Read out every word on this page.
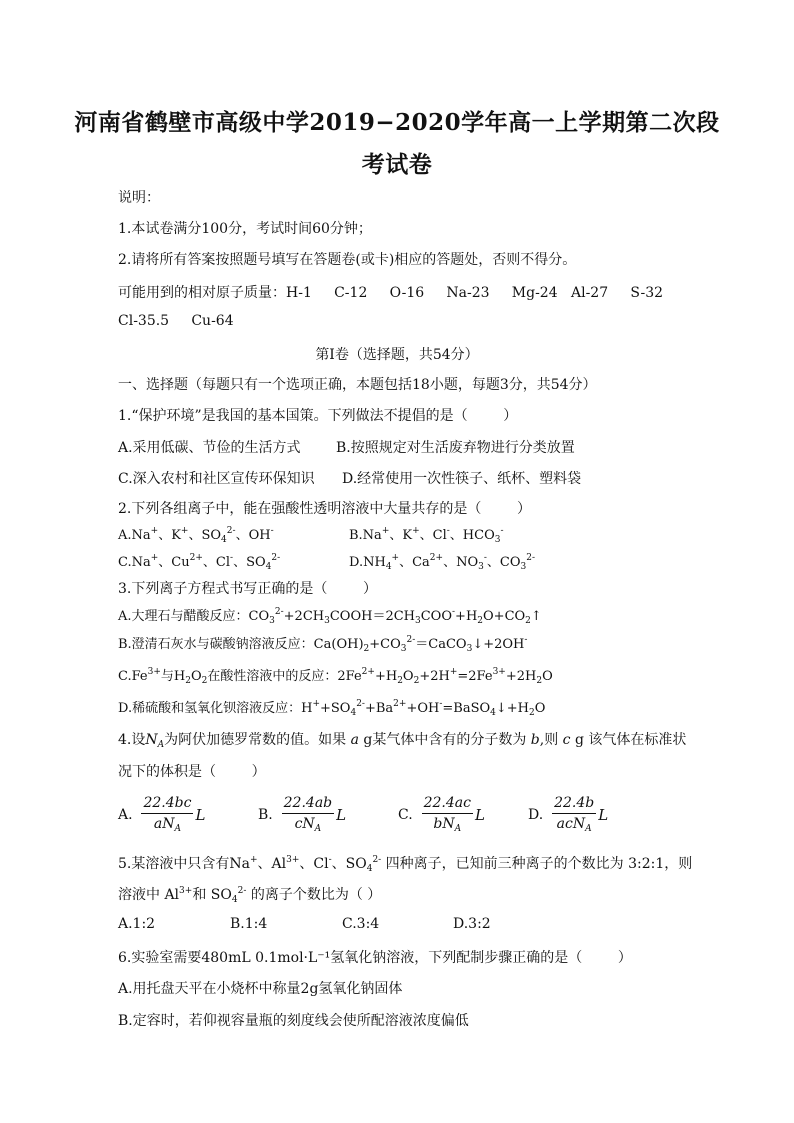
河南省鹤壁市高级中学2019−2020学年高一上学期第二次段
考试卷
说明：
1.本试卷满分100分，考试时间60分钟；
2.请将所有答案按照题号填写在答题卷(或卡)相应的答题处，否则不得分。
可能用到的相对原子质量：H-1     C-12     O-16     Na-23     Mg-24   Al-27     S-32
Cl-35.5     Cu-64
第Ⅰ卷（选择题，共54分）
一、选择题（每题只有一个选项正确，本题包括18小题，每题3分，共54分）
1.“保护环境”是我国的基本国策。下列做法不提倡的是（        ）
A.采用低碳、节俭的生活方式	B.按照规定对生活废弃物进行分类放置
C.深入农村和社区宣传环保知识 D.经常使用一次性筷子、纸杯、塑料袋
2.下列各组离子中，能在强酸性透明溶液中大量共存的是（        ）
A.Na+、K+、$SO_4^{2-}$、OH-	B.Na+、K+、Cl-、$HCO_3^-$
C.Na+、$Cu^{2+}$、Cl-、$SO_4^{2-}$	$D.NH_4^+$、$Ca^{2+}$、$NO_3^-$、$CO_3^{2-}$
3.下列离子方程式书写正确的是（        ）
A.大理石与醋酸反应：$CO_3^{2-}+2CH_3COOH=2CH_3COO^-+H_2O+CO_2↑$
B.澄清石灰水与碳酸钠溶液反应：$Ca(OH)_2+CO_3^{2-}=CaCO_3↓+2OH^-$
$C.Fe^{3+}$与$H_2O_2$在酸性溶液中的反应：$2Fe^{2+}+H_2O_2+2H^+=2Fe^{3+}+2H_2O$
D.稀硫酸和氢氧化钡溶液反应：$H^++SO_4^{2-}+Ba^{2+}+OH^-=BaSO_4↓+H_2O$
4.设$N_A$为阿伏加德罗常数的值。如果 a g某气体中含有的分子数为 b,则 c g 该气体在标准状
况下的体积是（        ）
A. $\frac{22.4bc}{aN_A}$ L	B. $\frac{22.4ab}{cN_A}$ L	C. $\frac{22.4ac}{bN_A}$ L	D. $\frac{22.4b}{acN_A}$ L
5.某溶液中只含有Na+、$Al^{3+}$、Cl-、$SO_4^{2-}$ 四种离子，已知前三种离子的个数比为 3:2:1，则
溶液中 $Al^{3+}$和 $SO_4^{2-}$ 的离子个数比为（ ）
A.1:2	B.1:4	C.3:4	D.3:2
6.实验室需要480mL 0.1mol·L⁻¹氢氧化钠溶液，下列配制步骤正确的是（        ）
A.用托盘天平在小烧杯中称量2g氢氧化钠固体
B.定容时，若仰视容量瓶的刻度线会使所配溶液浓度偏低
